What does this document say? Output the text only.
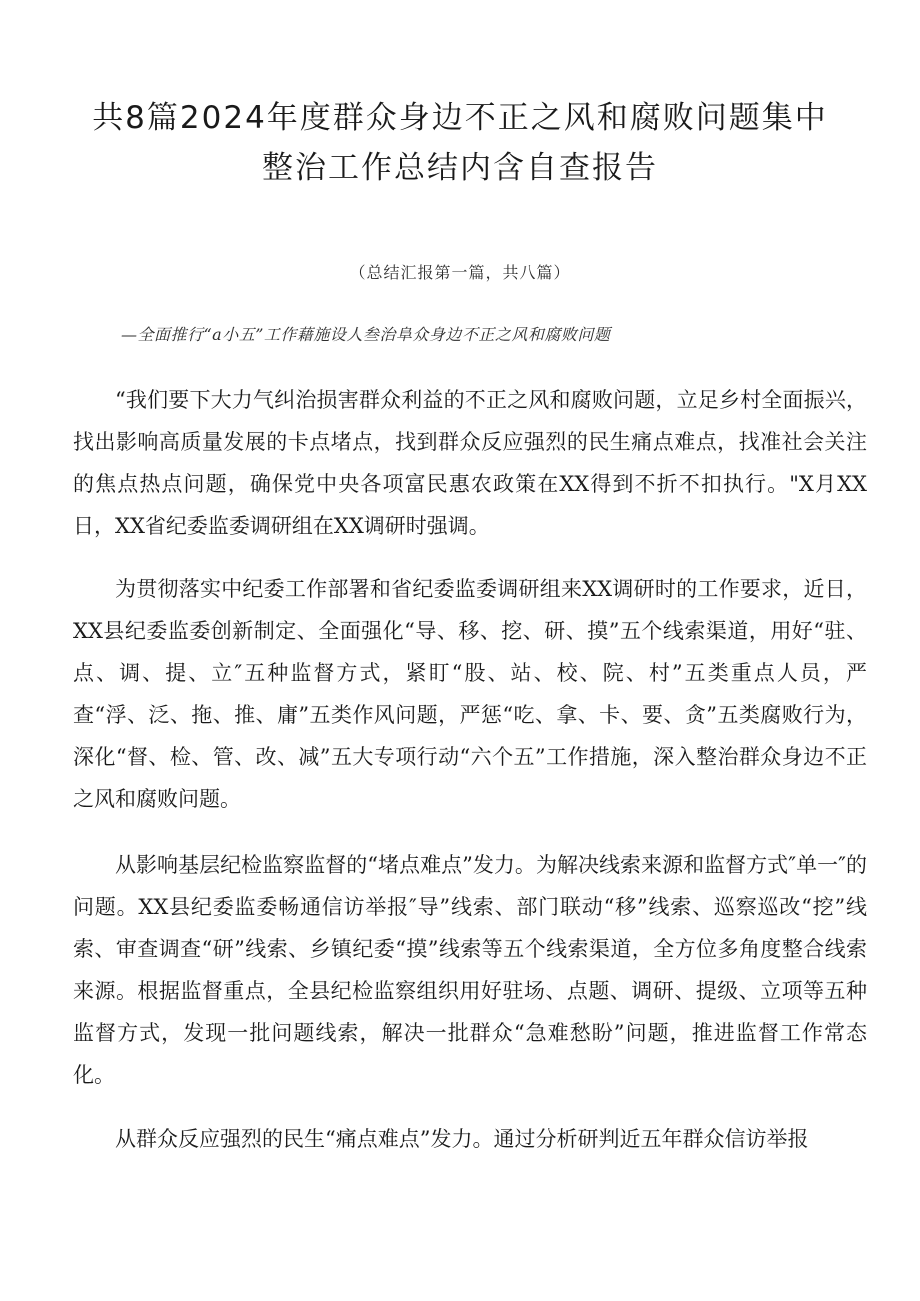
共8篇2024年度群众身边不正之风和腐败问题集中
整治工作总结内含自查报告
（总结汇报第一篇，共八篇）
—全面推行“a小五”工作藉施设人叁治阜众身边不正之风和腐败问题

“我们要下大力气纠治损害群众利益的不正之风和腐败问题，立足乡村全面振兴，找出影响高质量发展的卡点堵点，找到群众反应强烈的民生痛点难点，找准社会关注的焦点热点问题，确保党中央各项富民惠农政策在XX得到不折不扣执行。"X月XX日，XX省纪委监委调研组在XX调研时强调。

为贯彻落实中纪委工作部署和省纪委监委调研组来XX调研时的工作要求，近日，XX县纪委监委创新制定、全面强化“导、移、挖、研、摸”五个线索渠道，用好“驻、点、调、提、立″五种监督方式，紧盯“股、站、校、院、村”五类重点人员，严查“浮、泛、拖、推、庸”五类作风问题，严惩“吃、拿、卡、要、贪”五类腐败行为，深化“督、检、管、改、减”五大专项行动“六个五”工作措施，深入整治群众身边不正之风和腐败问题。

从影响基层纪检监察监督的“堵点难点”发力。为解决线索来源和监督方式″单一″的问题。XX县纪委监委畅通信访举报″导”线索、部门联动“移”线索、巡察巡改“挖”线索、审查调查“研”线索、乡镇纪委“摸”线索等五个线索渠道，全方位多角度整合线索来源。根据监督重点，全县纪检监察组织用好驻场、点题、调研、提级、立项等五种监督方式，发现一批问题线索，解决一批群众“急难愁盼”问题，推进监督工作常态化。

从群众反应强烈的民生“痛点难点”发力。通过分析研判近五年群众信访举报
